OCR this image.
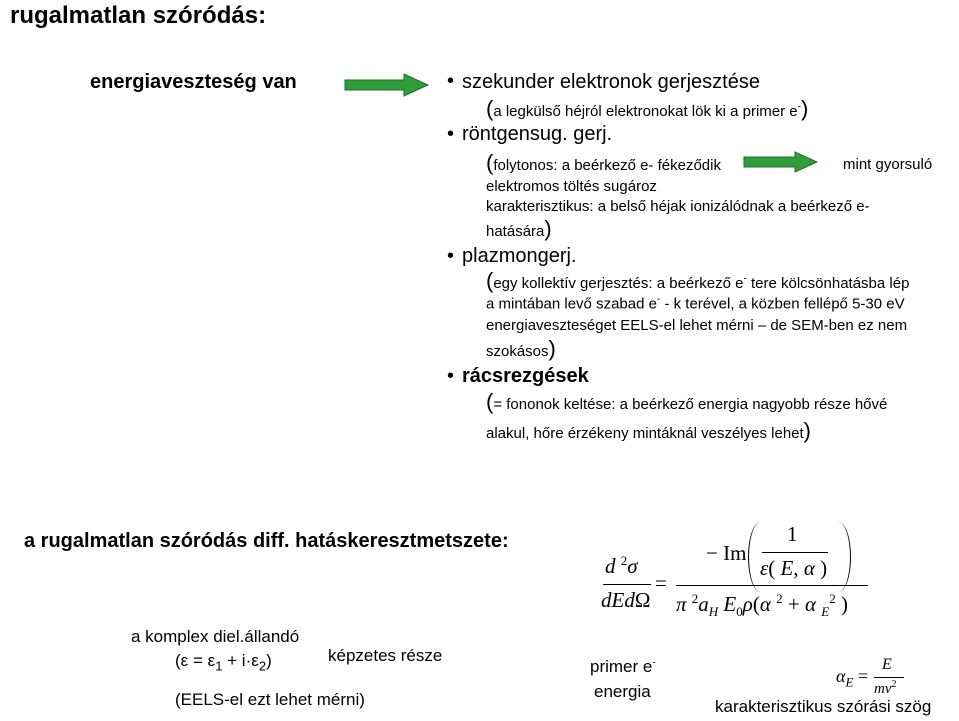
rugalmatlan szóródás:
energiaveszteség van	• szekunder elektronok gerjesztése
(a legkülső héjról elektronokat lök ki a primer e-)
• röntgensug. gerj.
(folytonos: a beérkező e- fékeződik	mint gyorsuló
elektromos töltés sugároz
karakterisztikus: a belső héjak ionizálódnak a beérkező e-
hatására)
• plazmongerj.
(egy kollektív gerjesztés: a beérkező e- tere kölcsönhatásba lép
a mintában levő szabad e- - k terével, a közben fellépő 5-30 eV
energiaveszteséget EELS-el lehet mérni – de SEM-ben ez nem
szokásos)
• rácsrezgések
(= fononok keltése: a beérkező energia nagyobb része hővé
alakul, hőre érzékeny mintáknál veszélyes lehet)
a rugalmatlan szóródás diff. hatáskeresztmetszete:
d $^2$σ
dEdΩ
=
− Im
1
ε( E, α )
π $^2a_H$ $E_0\rho(\alpha$ $^2$ + α $_E^2$ )
a komplex diel.állandó
$(\varepsilon = \varepsilon_1 + i\cdot\varepsilon_2)$	képzetes része
(EELS-el ezt lehet mérni)
primer e-
energia
$\alpha_E$ =
E
$mv^2$
karakterisztikus szórási szög
